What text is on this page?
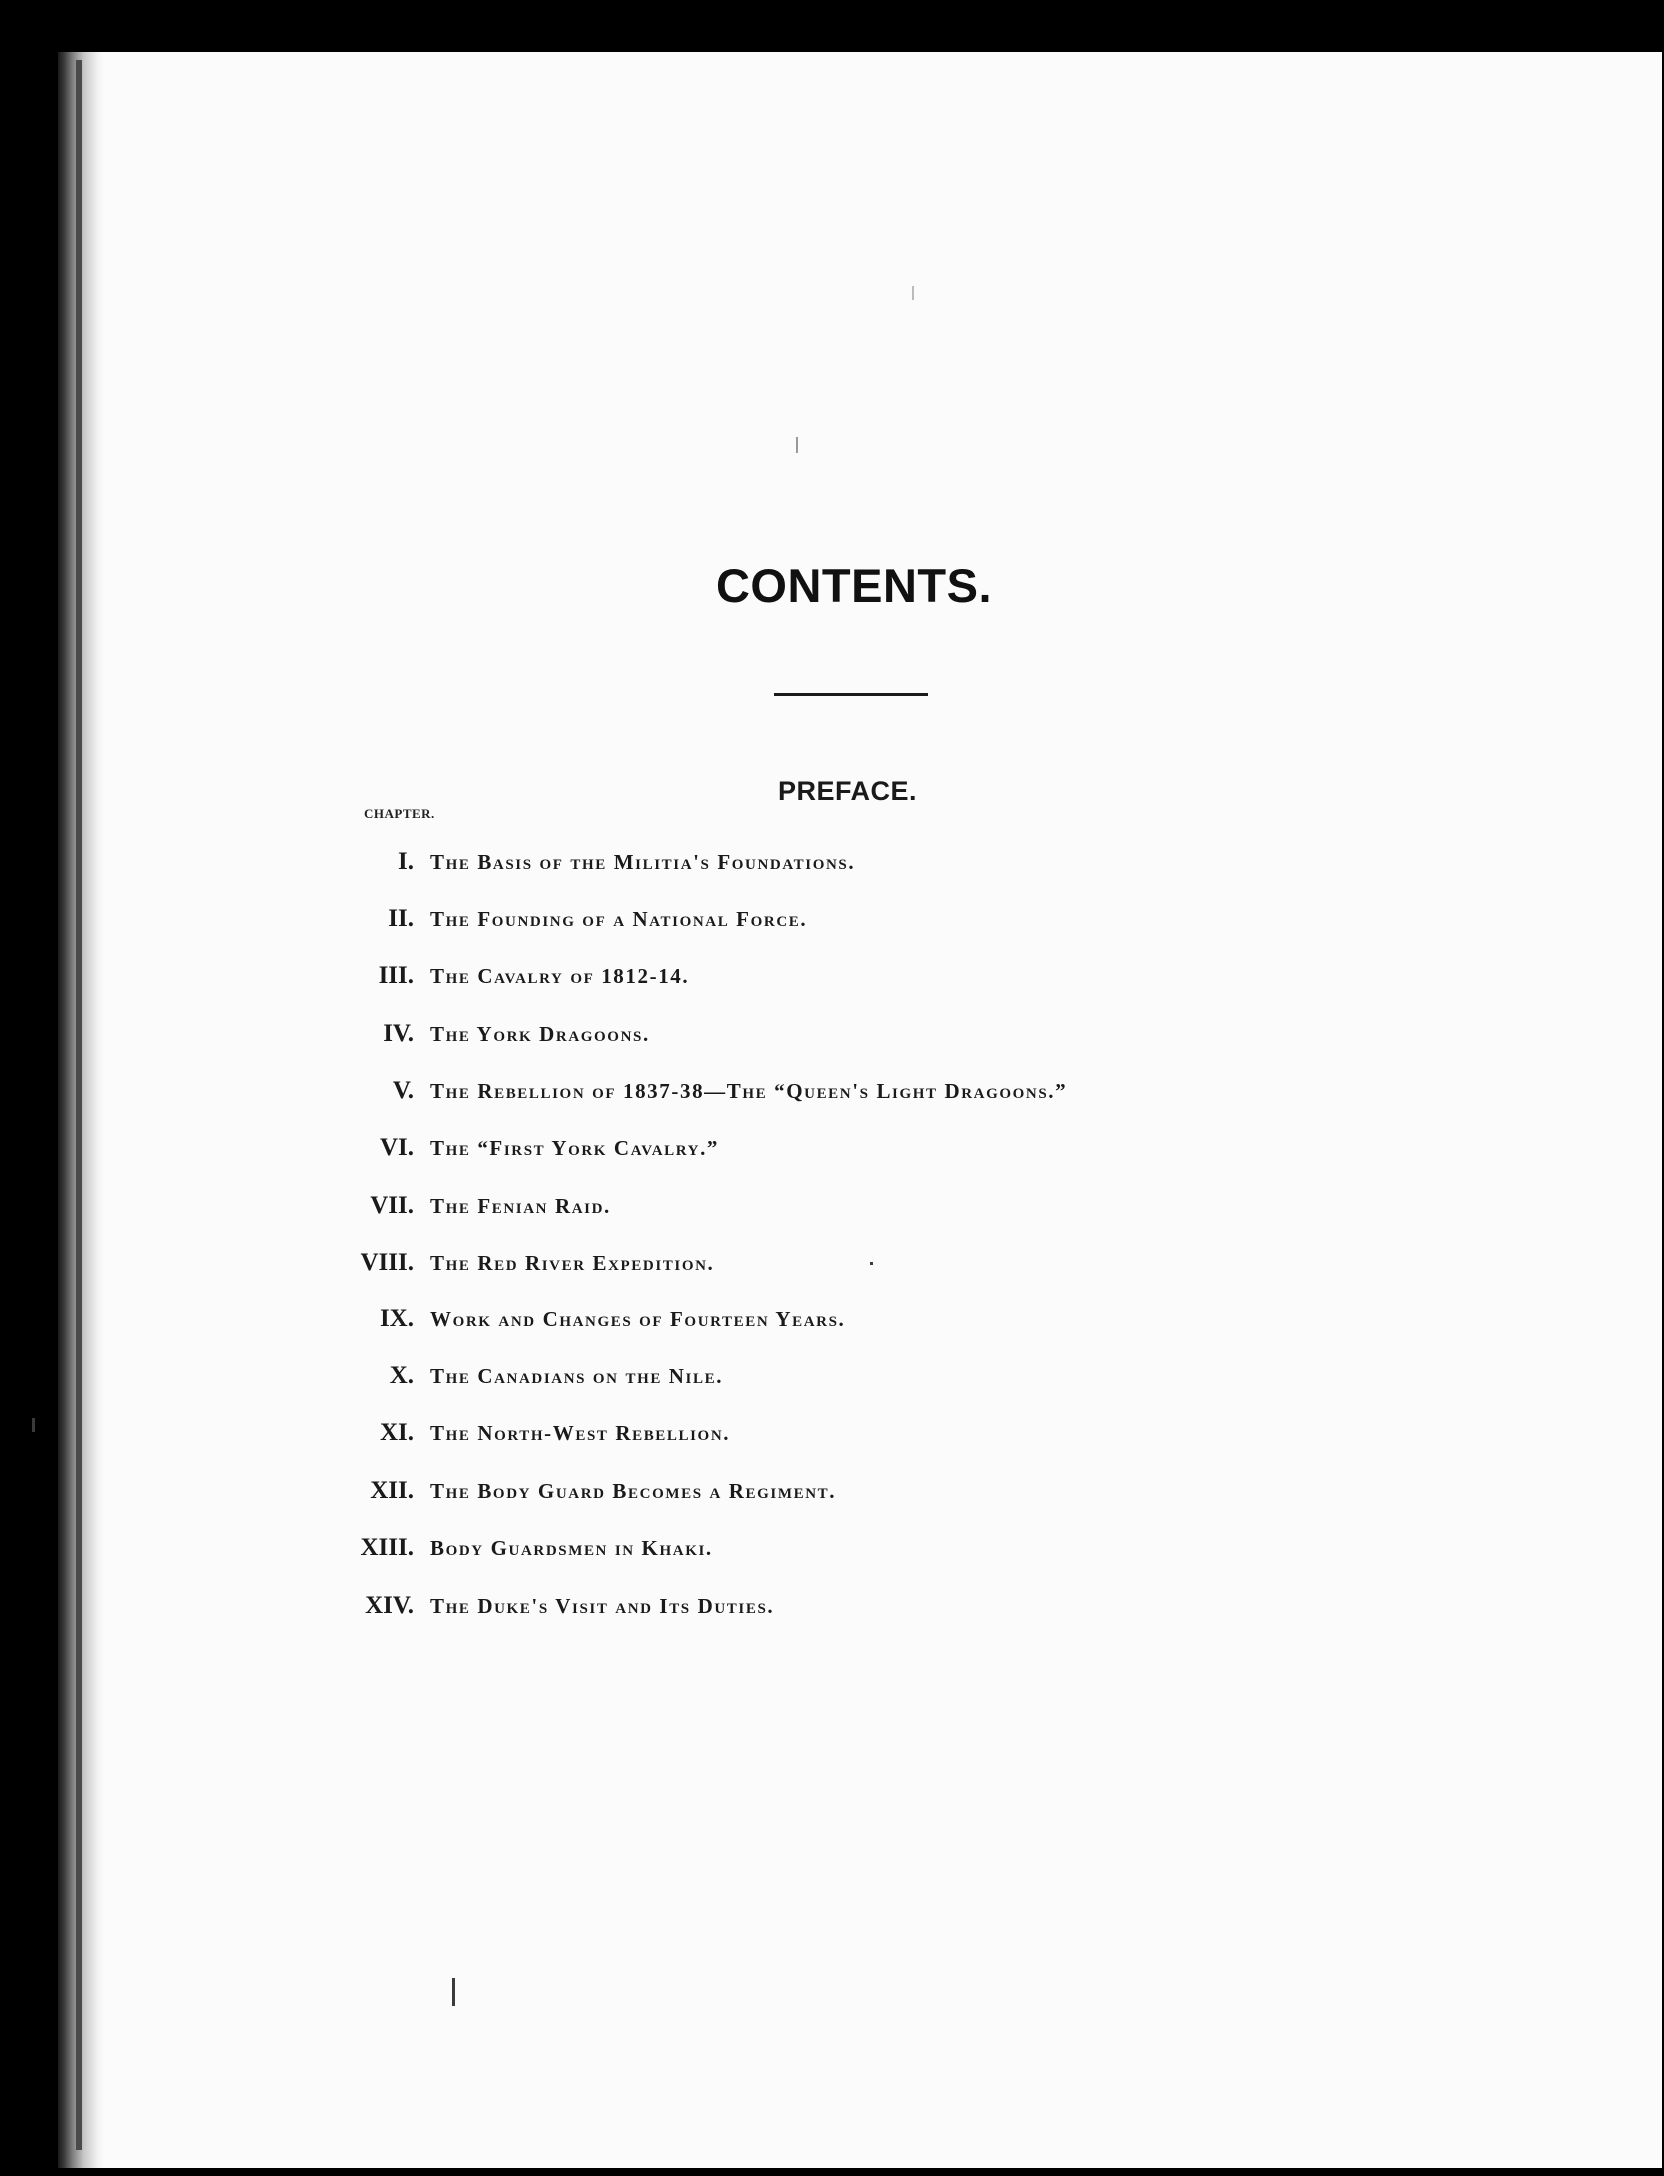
CONTENTS.
PREFACE.
CHAPTER.
I. The Basis of the Militia's Foundations.
II. The Founding of a National Force.
III. The Cavalry of 1812-14.
IV. The York Dragoons.
V. The Rebellion of 1837-38—The “Queen's Light Dragoons.”
VI. The “First York Cavalry.”
VII. The Fenian Raid.
VIII. The Red River Expedition.
IX. Work and Changes of Fourteen Years.
X. The Canadians on the Nile.
XI. The North-West Rebellion.
XII. The Body Guard Becomes a Regiment.
XIII. Body Guardsmen in Khaki.
XIV. The Duke's Visit and Its Duties.
